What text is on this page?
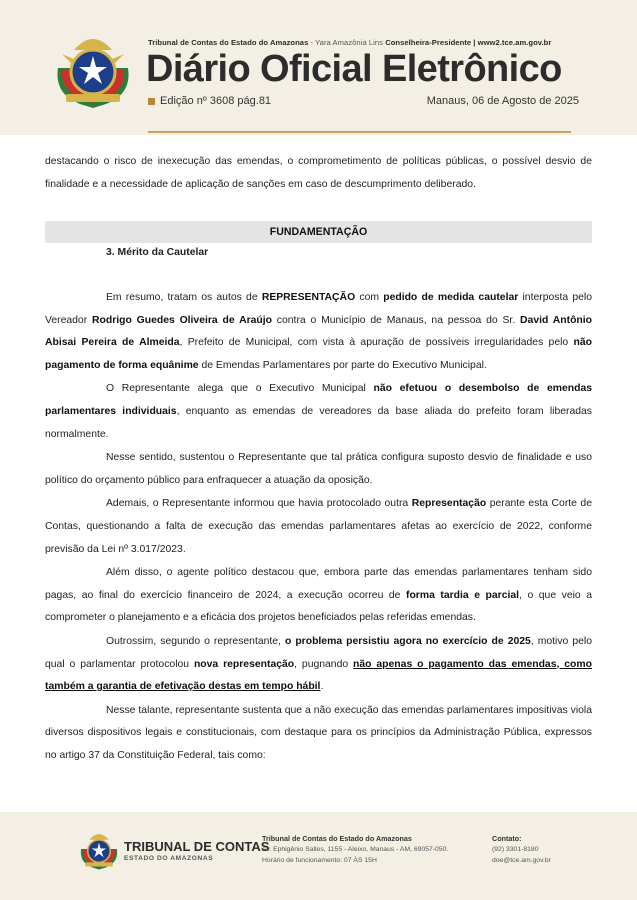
Tribunal de Contas do Estado do Amazonas - Yara Amazônia Lins Conselheira-Presidente | www2.tce.am.gov.br
Diário Oficial Eletrônico
Edição nº 3608 pág.81	Manaus, 06 de Agosto de 2025

destacando o risco de inexecução das emendas, o comprometimento de políticas públicas, o possível desvio de finalidade e a necessidade de aplicação de sanções em caso de descumprimento deliberado.

FUNDAMENTAÇÃO
3. Mérito da Cautelar

Em resumo, tratam os autos de REPRESENTAÇÃO com pedido de medida cautelar interposta pelo Vereador Rodrigo Guedes Oliveira de Araújo contra o Município de Manaus, na pessoa do Sr. David Antônio Abisai Pereira de Almeida, Prefeito de Municipal, com vista à apuração de possíveis irregularidades pelo não pagamento de forma equânime de Emendas Parlamentares por parte do Executivo Municipal.

O Representante alega que o Executivo Municipal não efetuou o desembolso de emendas parlamentares individuais, enquanto as emendas de vereadores da base aliada do prefeito foram liberadas normalmente.

Nesse sentido, sustentou o Representante que tal prática configura suposto desvio de finalidade e uso político do orçamento público para enfraquecer a atuação da oposição.

Ademais, o Representante informou que havia protocolado outra Representação perante esta Corte de Contas, questionando a falta de execução das emendas parlamentares afetas ao exercício de 2022, conforme previsão da Lei nº 3.017/2023.

Além disso, o agente político destacou que, embora parte das emendas parlamentares tenham sido pagas, ao final do exercício financeiro de 2024, a execução ocorreu de forma tardia e parcial, o que veio a comprometer o planejamento e a eficácia dos projetos beneficiados pelas referidas emendas.

Outrossim, segundo o representante, o problema persistiu agora no exercício de 2025, motivo pelo qual o parlamentar protocolou nova representação, pugnando não apenas o pagamento das emendas, como também a garantia de efetivação destas em tempo hábil.

Nesse talante, representante sustenta que a não execução das emendas parlamentares impositivas viola diversos dispositivos legais e constitucionais, com destaque para os princípios da Administração Pública, expressos no artigo 37 da Constituição Federal, tais como:

TRIBUNAL DE CONTAS
ESTADO DO AMAZONAS
Tribunal de Contas do Estado do Amazonas
Av. Ephigênio Salles, 1155 - Aleixo, Manaus - AM, 69057-050.
Horário de funcionamento: 07 ÀS 15H
Contato:
(92) 3301-8180
doe@tce.am.gov.br
